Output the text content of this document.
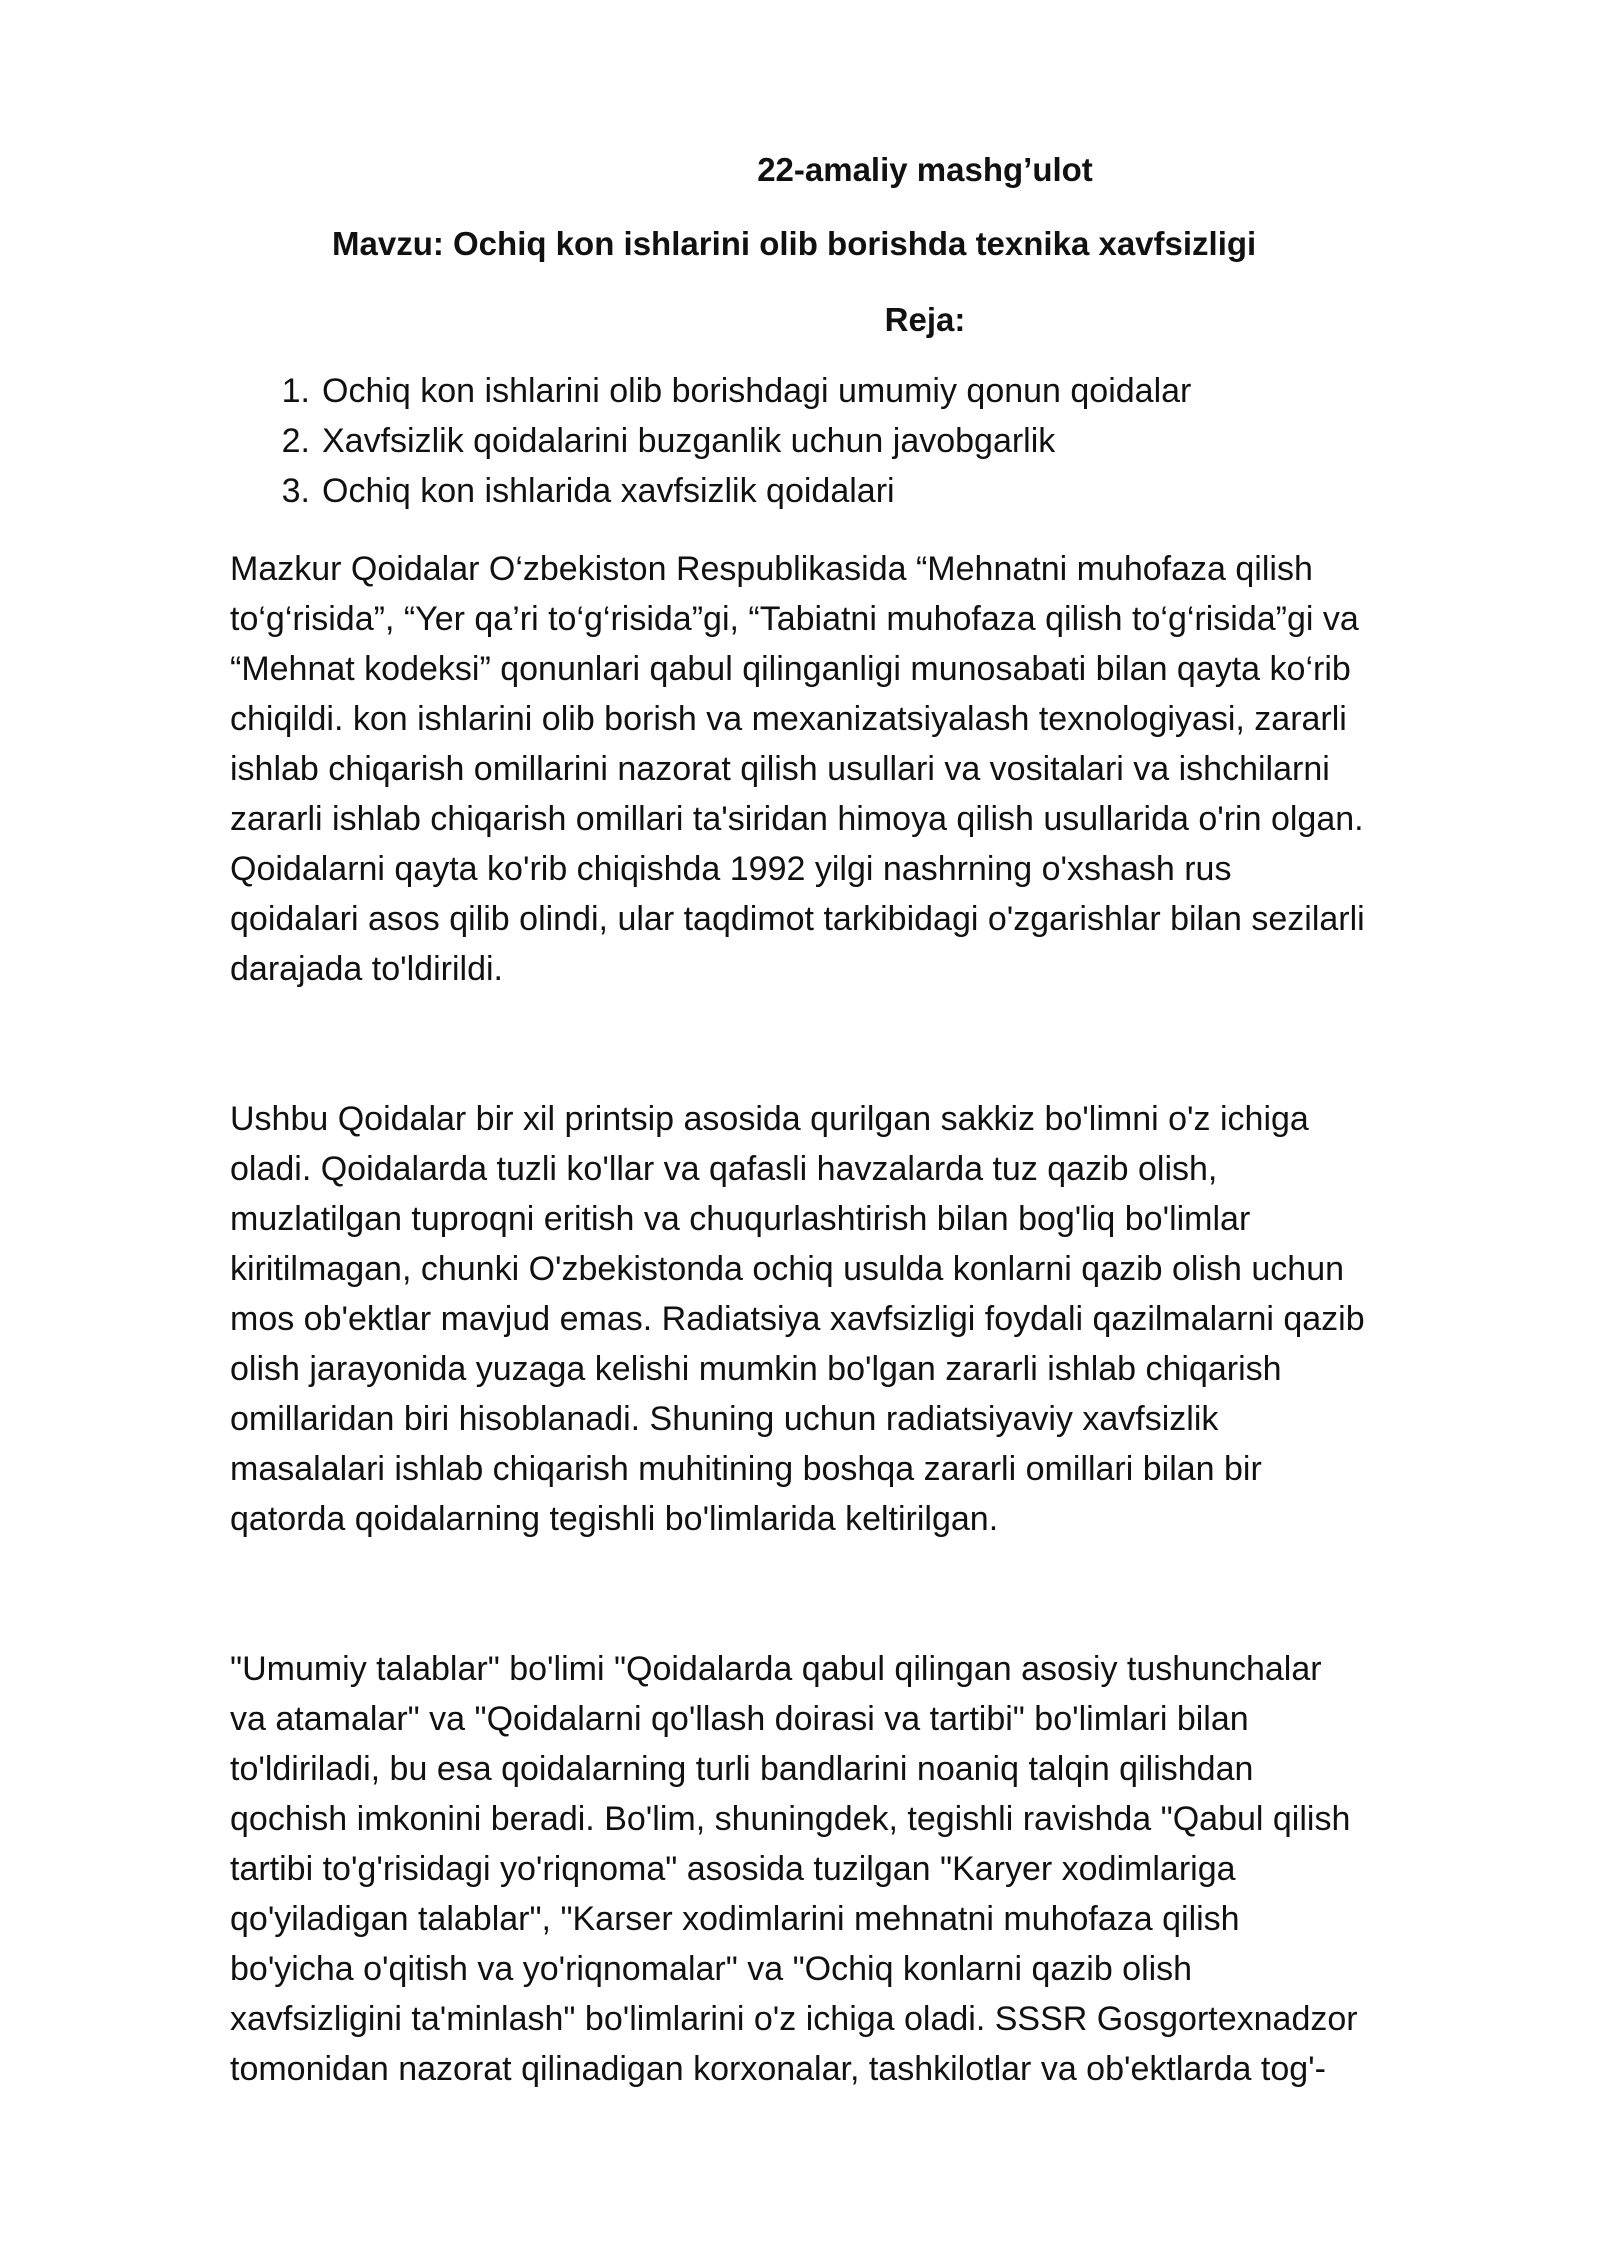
22-amaliy mashg’ulot
Mavzu: Ochiq kon ishlarini olib borishda texnika xavfsizligi
Reja:
1. Ochiq kon ishlarini olib borishdagi umumiy qonun qoidalar
2. Xavfsizlik qoidalarini buzganlik uchun javobgarlik
3. Ochiq kon ishlarida xavfsizlik qoidalari

Mazkur Qoidalar O‘zbekiston Respublikasida “Mehnatni muhofaza qilish
to‘g‘risida”, “Yer qa’ri to‘g‘risida”gi, “Tabiatni muhofaza qilish to‘g‘risida”gi va
“Mehnat kodeksi” qonunlari qabul qilinganligi munosabati bilan qayta ko‘rib
chiqildi. kon ishlarini olib borish va mexanizatsiyalash texnologiyasi, zararli
ishlab chiqarish omillarini nazorat qilish usullari va vositalari va ishchilarni
zararli ishlab chiqarish omillari ta'siridan himoya qilish usullarida o'rin olgan.
Qoidalarni qayta ko'rib chiqishda 1992 yilgi nashrning o'xshash rus
qoidalari asos qilib olindi, ular taqdimot tarkibidagi o'zgarishlar bilan sezilarli
darajada to'ldirildi.

Ushbu Qoidalar bir xil printsip asosida qurilgan sakkiz bo'limni o'z ichiga
oladi. Qoidalarda tuzli ko'llar va qafasli havzalarda tuz qazib olish,
muzlatilgan tuproqni eritish va chuqurlashtirish bilan bog'liq bo'limlar
kiritilmagan, chunki O'zbekistonda ochiq usulda konlarni qazib olish uchun
mos ob'ektlar mavjud emas. Radiatsiya xavfsizligi foydali qazilmalarni qazib
olish jarayonida yuzaga kelishi mumkin bo'lgan zararli ishlab chiqarish
omillaridan biri hisoblanadi. Shuning uchun radiatsiyaviy xavfsizlik
masalalari ishlab chiqarish muhitining boshqa zararli omillari bilan bir
qatorda qoidalarning tegishli bo'limlarida keltirilgan.

"Umumiy talablar" bo'limi "Qoidalarda qabul qilingan asosiy tushunchalar
va atamalar" va "Qoidalarni qo'llash doirasi va tartibi" bo'limlari bilan
to'ldiriladi, bu esa qoidalarning turli bandlarini noaniq talqin qilishdan
qochish imkonini beradi. Bo'lim, shuningdek, tegishli ravishda "Qabul qilish
tartibi to'g'risidagi yo'riqnoma" asosida tuzilgan "Karyer xodimlariga
qo'yiladigan talablar", "Karser xodimlarini mehnatni muhofaza qilish
bo'yicha o'qitish va yo'riqnomalar" va "Ochiq konlarni qazib olish
xavfsizligini ta'minlash" bo'limlarini o'z ichiga oladi. SSSR Gosgortexnadzor
tomonidan nazorat qilinadigan korxonalar, tashkilotlar va ob'ektlarda tog'-
